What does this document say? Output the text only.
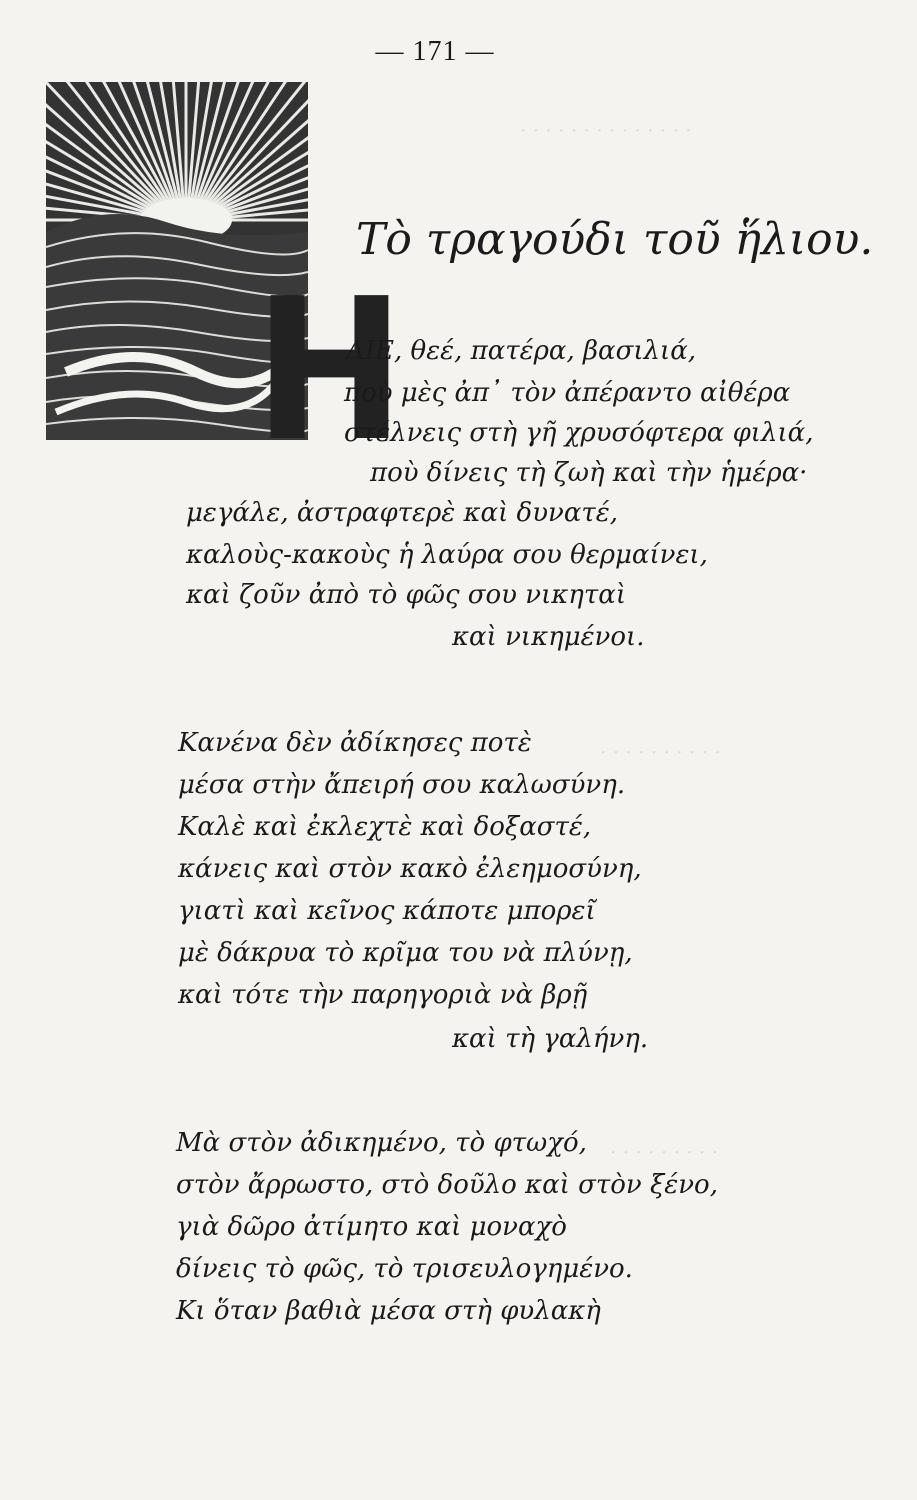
· · · · · · · · · · · · · ·
· · · · · · · · · ·
· · · · · · · · ·
— 171 —
Η
Τὸ τραγούδι τοῦ ἥλιου.
ΛΙΕ, θεέ, πατέρα, βασιλιά,
ποὺ μὲς ἀπ᾽ τὸν ἀπέραντο αἰθέρα
στέλνεις στὴ γῆ χρυσόφτερα φιλιά,
ποὺ δίνεις τὴ ζωὴ καὶ τὴν ἡμέρα·
μεγάλε, ἀστραφτερὲ καὶ δυνατέ,
καλοὺς-κακοὺς ἡ λαύρα σου θερμαίνει,
καὶ ζοῦν ἀπὸ τὸ φῶς σου νικηταὶ
καὶ νικημένοι.
Κανένα δὲν ἀδίκησες ποτὲ
μέσα στὴν ἄπειρή σου καλωσύνη.
Καλὲ καὶ ἐκλεχτὲ καὶ δοξαστέ,
κάνεις καὶ στὸν κακὸ ἐλεημοσύνη,
γιατὶ καὶ κεῖνος κάποτε μπορεῖ
μὲ δάκρυα τὸ κρῖμα του νὰ πλύνῃ,
καὶ τότε τὴν παρηγοριὰ νὰ βρῇ
καὶ τὴ γαλήνη.
Μὰ στὸν ἀδικημένο, τὸ φτωχό,
στὸν ἄρρωστο, στὸ δοῦλο καὶ στὸν ξένο,
γιὰ δῶρο ἀτίμητο καὶ μοναχὸ
δίνεις τὸ φῶς, τὸ τρισευλογημένο.
Κι ὅταν βαθιὰ μέσα στὴ φυλακὴ
